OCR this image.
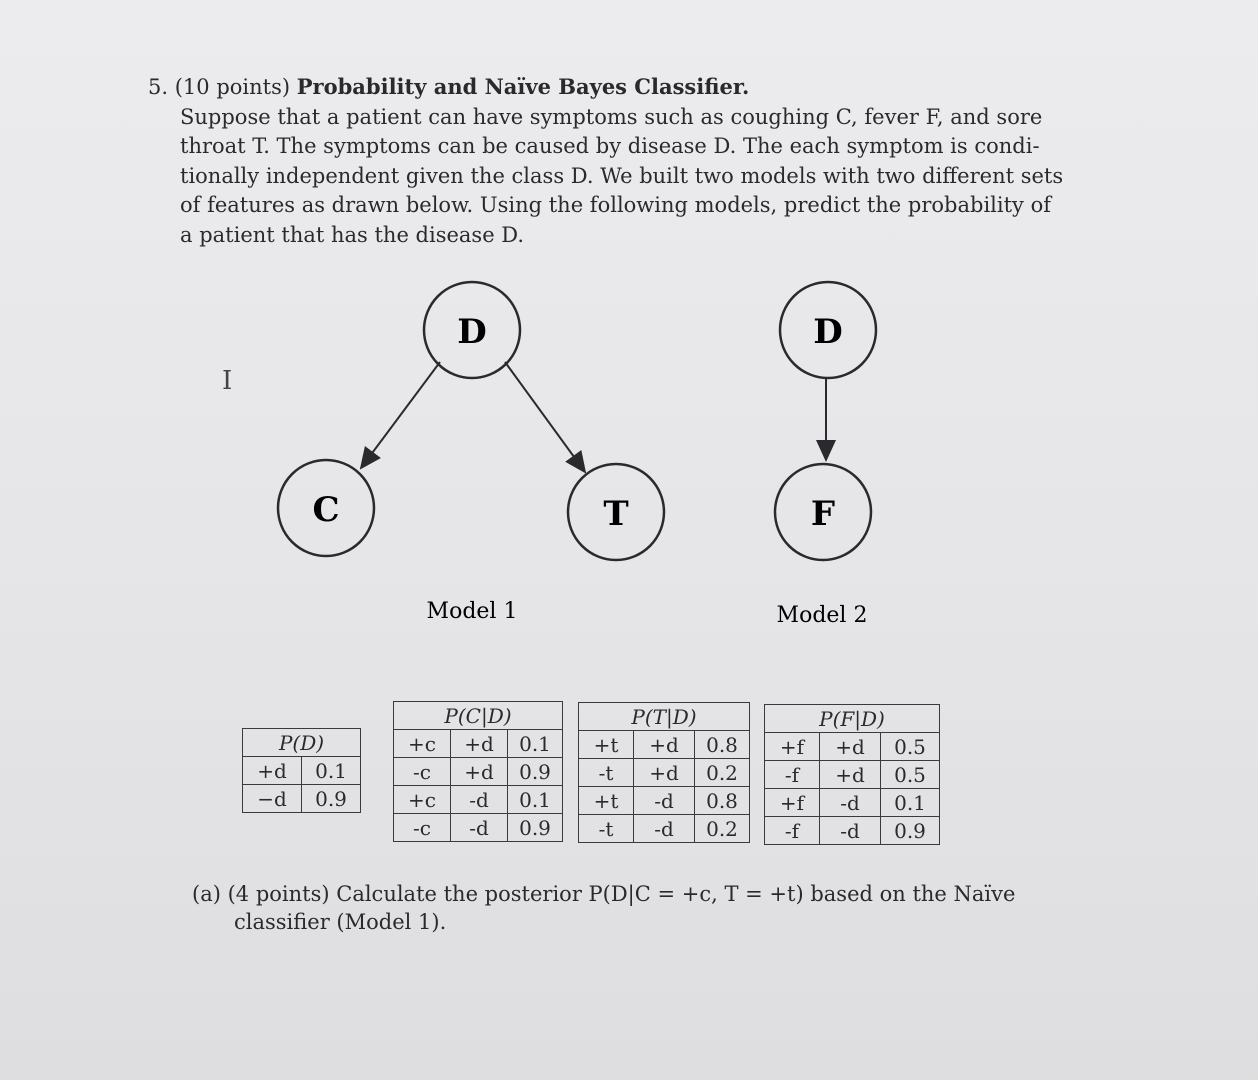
5. (10 points) Probability and Naïve Bayes Classifier.
Suppose that a patient can have symptoms such as coughing C, fever F, and sore
throat T. The symptoms can be caused by disease D. The each symptom is condi-
tionally independent given the class D. We built two models with two different sets
of features as drawn below. Using the following models, predict the probability of
a patient that has the disease D.
I
D
C	T
D
F
Model 1	Model 2
P(D)	
+d	0.1
−d	0.9
P(C|D)		
+c	+d	0.1
-c	+d	0.9
+c	-d	0.1
-c	-d	0.9
P(T|D)		
+t	+d	0.8
-t	+d	0.2
+t	-d	0.8
-t	-d	0.2
P(F|D)		
+f	+d	0.5
-f	+d	0.5
+f	-d	0.1
-f	-d	0.9
(a) (4 points) Calculate the posterior P(D|C = +c, T = +t) based on the Naïve
classifier (Model 1).
